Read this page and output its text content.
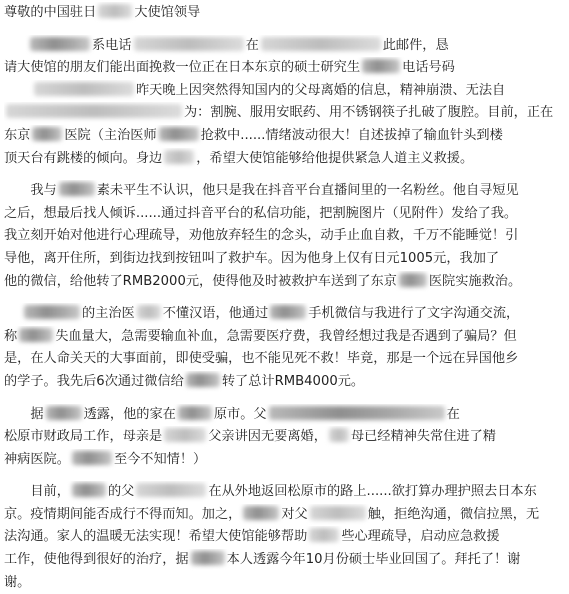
尊敬的中国驻日	大使馆领导
系电话	在	此邮件，恳
请大使馆的朋友们能出面挽救一位正在日本东京的硕士研究生	电话号码
昨天晚上因突然得知国内的父母离婚的信息，精神崩溃、无法自
为：割腕、服用安眠药、用不锈钢筷子扎破了腹腔。目前，正在
东京	医院（主治医师	抢救中......情绪波动很大！自述拔掉了输血针头到楼
顶天台有跳楼的倾向。身边	，希望大使馆能够给他提供紧急人道主义救援。
　　我与	素未平生不认识，他只是我在抖音平台直播间里的一名粉丝。他自寻短见
之后，想最后找人倾诉......通过抖音平台的私信功能，把割腕图片（见附件）发给了我。
我立刻开始对他进行心理疏导，劝他放弃轻生的念头，动手止血自救，千万不能睡觉！引
导他，离开住所，到街边找到按钮叫了救护车。因为他身上仅有日元1005元，我加了
他的微信，给他转了RMB2000元，使得他及时被救护车送到了东京 医院实施救治。
的主治医 不懂汉语，他通过	手机微信与我进行了文字沟通交流，
称	失血量大，急需要输血补血，急需要医疗费，我曾经想过我是否遇到了骗局？但
是，在人命关天的大事面前，即使受骗，也不能见死不救！毕竟，那是一个远在异国他乡
的学子。我先后6次通过微信给	转了总计RMB4000元。
　　据	透露，他的家在	原市。父	在
松原市财政局工作，母亲是	父亲讲因无要离婚， 母已经精神失常住进了精
神病医院。	至今不知情！）
　　目前，	的父	在从外地返回松原市的路上......欲打算办理护照去日本东
京。疫情期间能否成行不得而知。加之，	对父	触，拒绝沟通，微信拉黑，无
法沟通。家人的温暖无法实现！希望大使馆能够帮助	些心理疏导，启动应急救援
工作，使他得到很好的治疗，据	本人透露今年10月份硕士毕业回国了。拜托了！谢
谢。
